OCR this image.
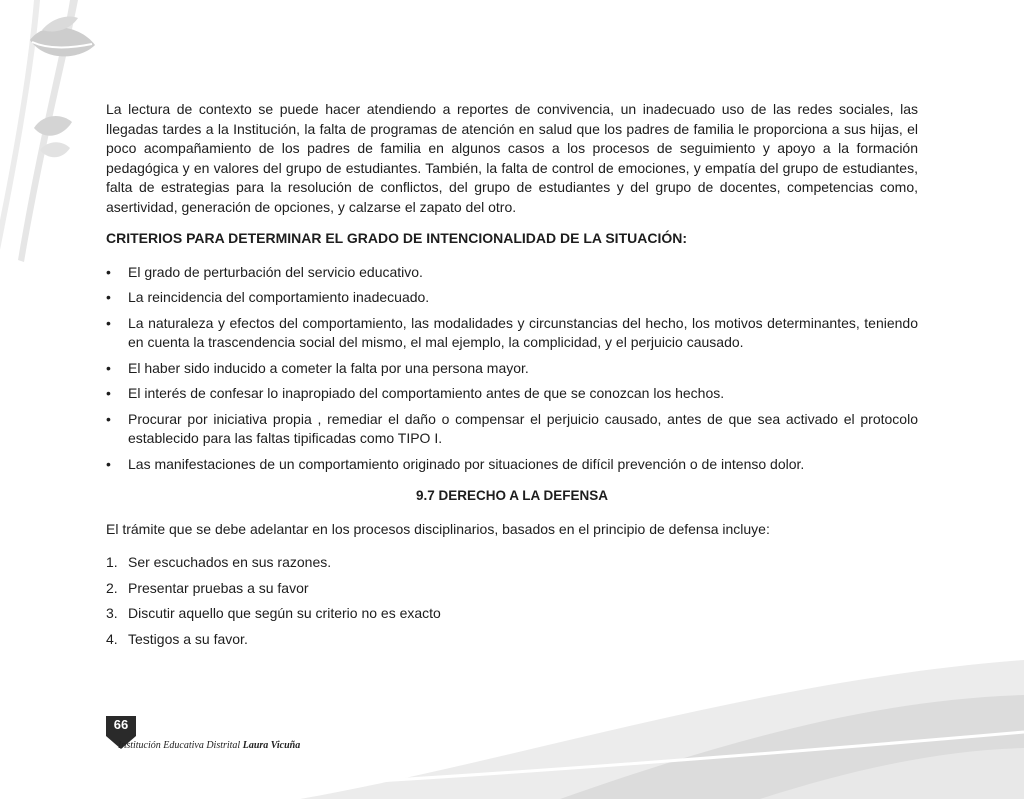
La lectura de contexto se puede hacer atendiendo a reportes de convivencia, un inadecuado uso de las redes sociales, las llegadas tardes a la Institución, la falta de programas de atención en salud que los padres de familia le proporciona a sus hijas, el poco acompañamiento de los padres de familia en algunos casos a los procesos de seguimiento y apoyo a la formación pedagógica y en valores del grupo de estudiantes. También, la falta de control de emociones, y empatía del grupo de estudiantes, falta de estrategias para la resolución de conflictos, del grupo de estudiantes y del grupo de docentes, competencias como, asertividad, generación de opciones, y calzarse el zapato del otro.

CRITERIOS PARA DETERMINAR EL GRADO DE INTENCIONALIDAD DE LA SITUACIÓN:

• El grado de perturbación del servicio educativo.
• La reincidencia del comportamiento inadecuado.
• La naturaleza y efectos del comportamiento, las modalidades y circunstancias del hecho, los motivos determinantes, teniendo en cuenta la trascendencia social del mismo, el mal ejemplo, la complicidad, y el perjuicio causado.
• El haber sido inducido a cometer la falta por una persona mayor.
• El interés de confesar lo inapropiado del comportamiento antes de que se conozcan los hechos.
• Procurar por iniciativa propia , remediar el daño o compensar el perjuicio causado, antes de que sea activado el protocolo establecido para las faltas tipificadas como TIPO I.
• Las manifestaciones de un comportamiento originado por situaciones de difícil prevención o de intenso dolor.

9.7 DERECHO A LA DEFENSA

El trámite que se debe adelantar en los procesos disciplinarios, basados en el principio de defensa incluye:

1. Ser escuchados en sus razones.
2. Presentar pruebas a su favor
3. Discutir aquello que según su criterio no es exacto
4. Testigos a su favor.
66
Institución Educativa Distrital Laura Vicuña
